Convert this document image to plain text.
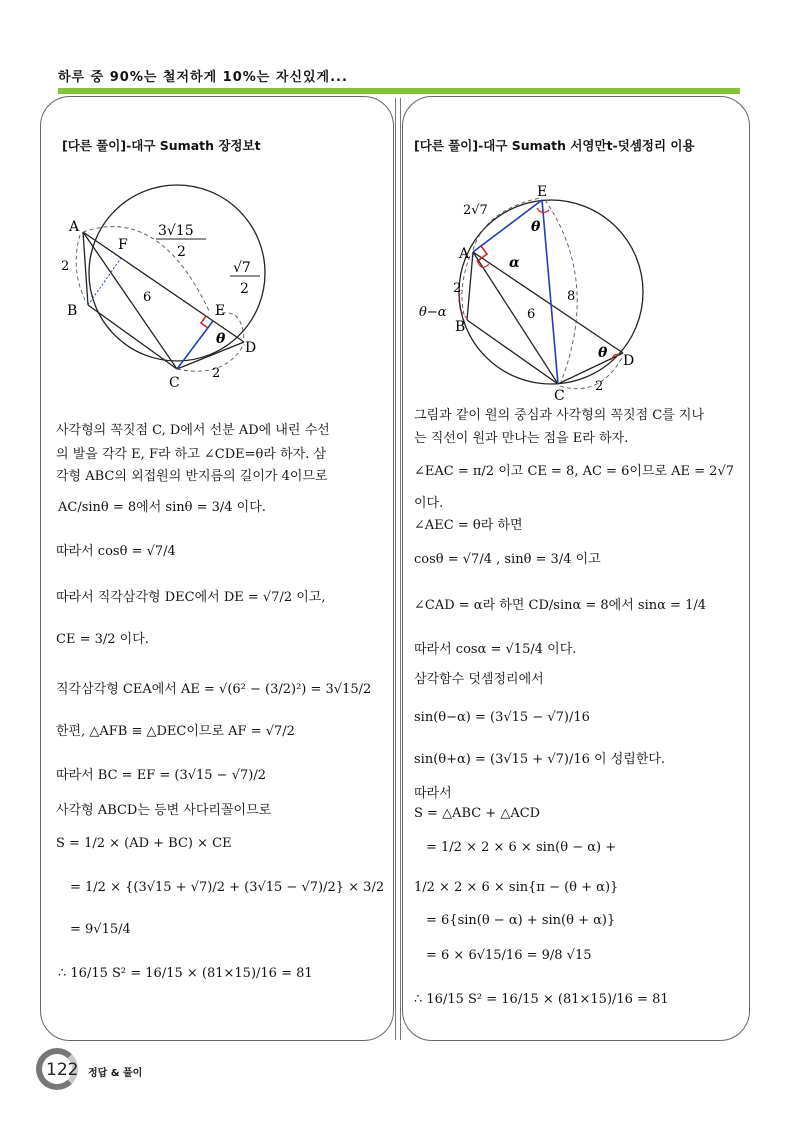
하루 중 90%는 철저하게 10%는 자신있게...
[다른 풀이]-대구 Sumath 장정보t
A
B
C
D
E
F
θ
2
6
2
3√15
2
√7
2
사각형의 꼭짓점 C, D에서 선분 AD에 내린 수선
의 발을 각각 E, F라 하고 ∠CDE=θ라 하자. 삼
각형 ABC의 외접원의 반지름의 길이가 4이므로
AC/sinθ = 8에서 sinθ = 3/4 이다.
따라서 cosθ = √7/4
따라서 직각삼각형 DEC에서 DE = √7/2 이고,
CE = 3/2 이다.
직각삼각형 CEA에서 AE = √(6² − (3/2)²) = 3√15/2
한편, △AFB ≡ △DEC이므로 AF = √7/2
따라서 BC = EF = (3√15 − √7)/2
사각형 ABCD는 등변 사다리꼴이므로
S = 1/2 × (AD + BC) × CE
= 1/2 × {(3√15 + √7)/2 + (3√15 − √7)/2} × 3/2
= 9√15/4
∴ 16/15 S² = 16/15 × (81×15)/16 = 81
[다른 풀이]-대구 Sumath 서영만t-덧셈정리 이용
E
A
B
C
D
θ
θ
α
2√7
2
6
8
2
θ−α
그림과 같이 원의 중심과 사각형의 꼭짓점 C를 지나
는 직선이 원과 만나는 점을 E라 하자.
∠EAC = π/2 이고 CE = 8, AC = 6이므로 AE = 2√7
이다.
∠AEC = θ라 하면
cosθ = √7/4 , sinθ = 3/4 이고
∠CAD = α라 하면 CD/sinα = 8에서 sinα = 1/4
따라서 cosα = √15/4 이다.
삼각함수 덧셈정리에서
sin(θ−α) = (3√15 − √7)/16
sin(θ+α) = (3√15 + √7)/16 이 성립한다.
따라서
S = △ABC + △ACD
= 1/2 × 2 × 6 × sin(θ − α) +
1/2 × 2 × 6 × sin{π − (θ + α)}
= 6{sin(θ − α) + sin(θ + α)}
= 6 × 6√15/16 = 9/8 √15
∴ 16/15 S² = 16/15 × (81×15)/16 = 81
122 정답 & 풀이
